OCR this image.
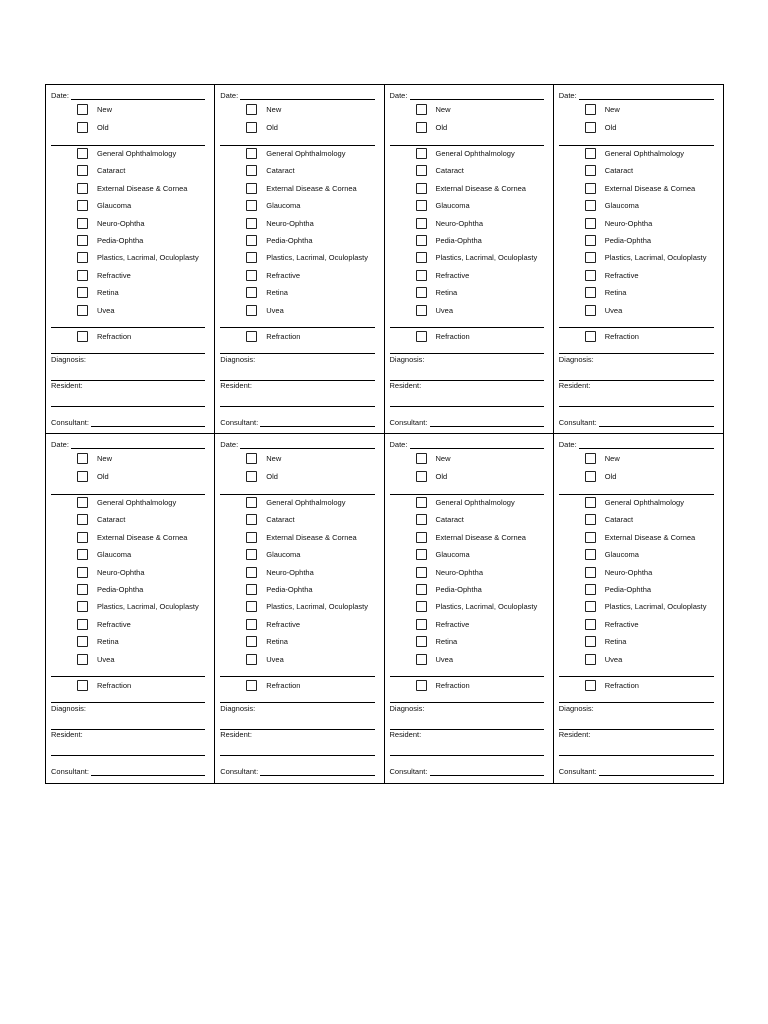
Date:
New
Old
General Ophthalmology
Cataract
External Disease & Cornea
Glaucoma
Neuro-Ophtha
Pedia-Ophtha
Plastics, Lacrimal, Oculoplasty
Refractive
Retina
Uvea
Refraction
Diagnosis:
Resident:
Consultant:
Date:
New
Old
General Ophthalmology
Cataract
External Disease & Cornea
Glaucoma
Neuro-Ophtha
Pedia-Ophtha
Plastics, Lacrimal, Oculoplasty
Refractive
Retina
Uvea
Refraction
Diagnosis:
Resident:
Consultant:
Date:
New
Old
General Ophthalmology
Cataract
External Disease & Cornea
Glaucoma
Neuro-Ophtha
Pedia-Ophtha
Plastics, Lacrimal, Oculoplasty
Refractive
Retina
Uvea
Refraction
Diagnosis:
Resident:
Consultant:
Date:
New
Old
General Ophthalmology
Cataract
External Disease & Cornea
Glaucoma
Neuro-Ophtha
Pedia-Ophtha
Plastics, Lacrimal, Oculoplasty
Refractive
Retina
Uvea
Refraction
Diagnosis:
Resident:
Consultant:
Date:
New
Old
General Ophthalmology
Cataract
External Disease & Cornea
Glaucoma
Neuro-Ophtha
Pedia-Ophtha
Plastics, Lacrimal, Oculoplasty
Refractive
Retina
Uvea
Refraction
Diagnosis:
Resident:
Consultant:
Date:
New
Old
General Ophthalmology
Cataract
External Disease & Cornea
Glaucoma
Neuro-Ophtha
Pedia-Ophtha
Plastics, Lacrimal, Oculoplasty
Refractive
Retina
Uvea
Refraction
Diagnosis:
Resident:
Consultant:
Date:
New
Old
General Ophthalmology
Cataract
External Disease & Cornea
Glaucoma
Neuro-Ophtha
Pedia-Ophtha
Plastics, Lacrimal, Oculoplasty
Refractive
Retina
Uvea
Refraction
Diagnosis:
Resident:
Consultant:
Date:
New
Old
General Ophthalmology
Cataract
External Disease & Cornea
Glaucoma
Neuro-Ophtha
Pedia-Ophtha
Plastics, Lacrimal, Oculoplasty
Refractive
Retina
Uvea
Refraction
Diagnosis:
Resident:
Consultant:
